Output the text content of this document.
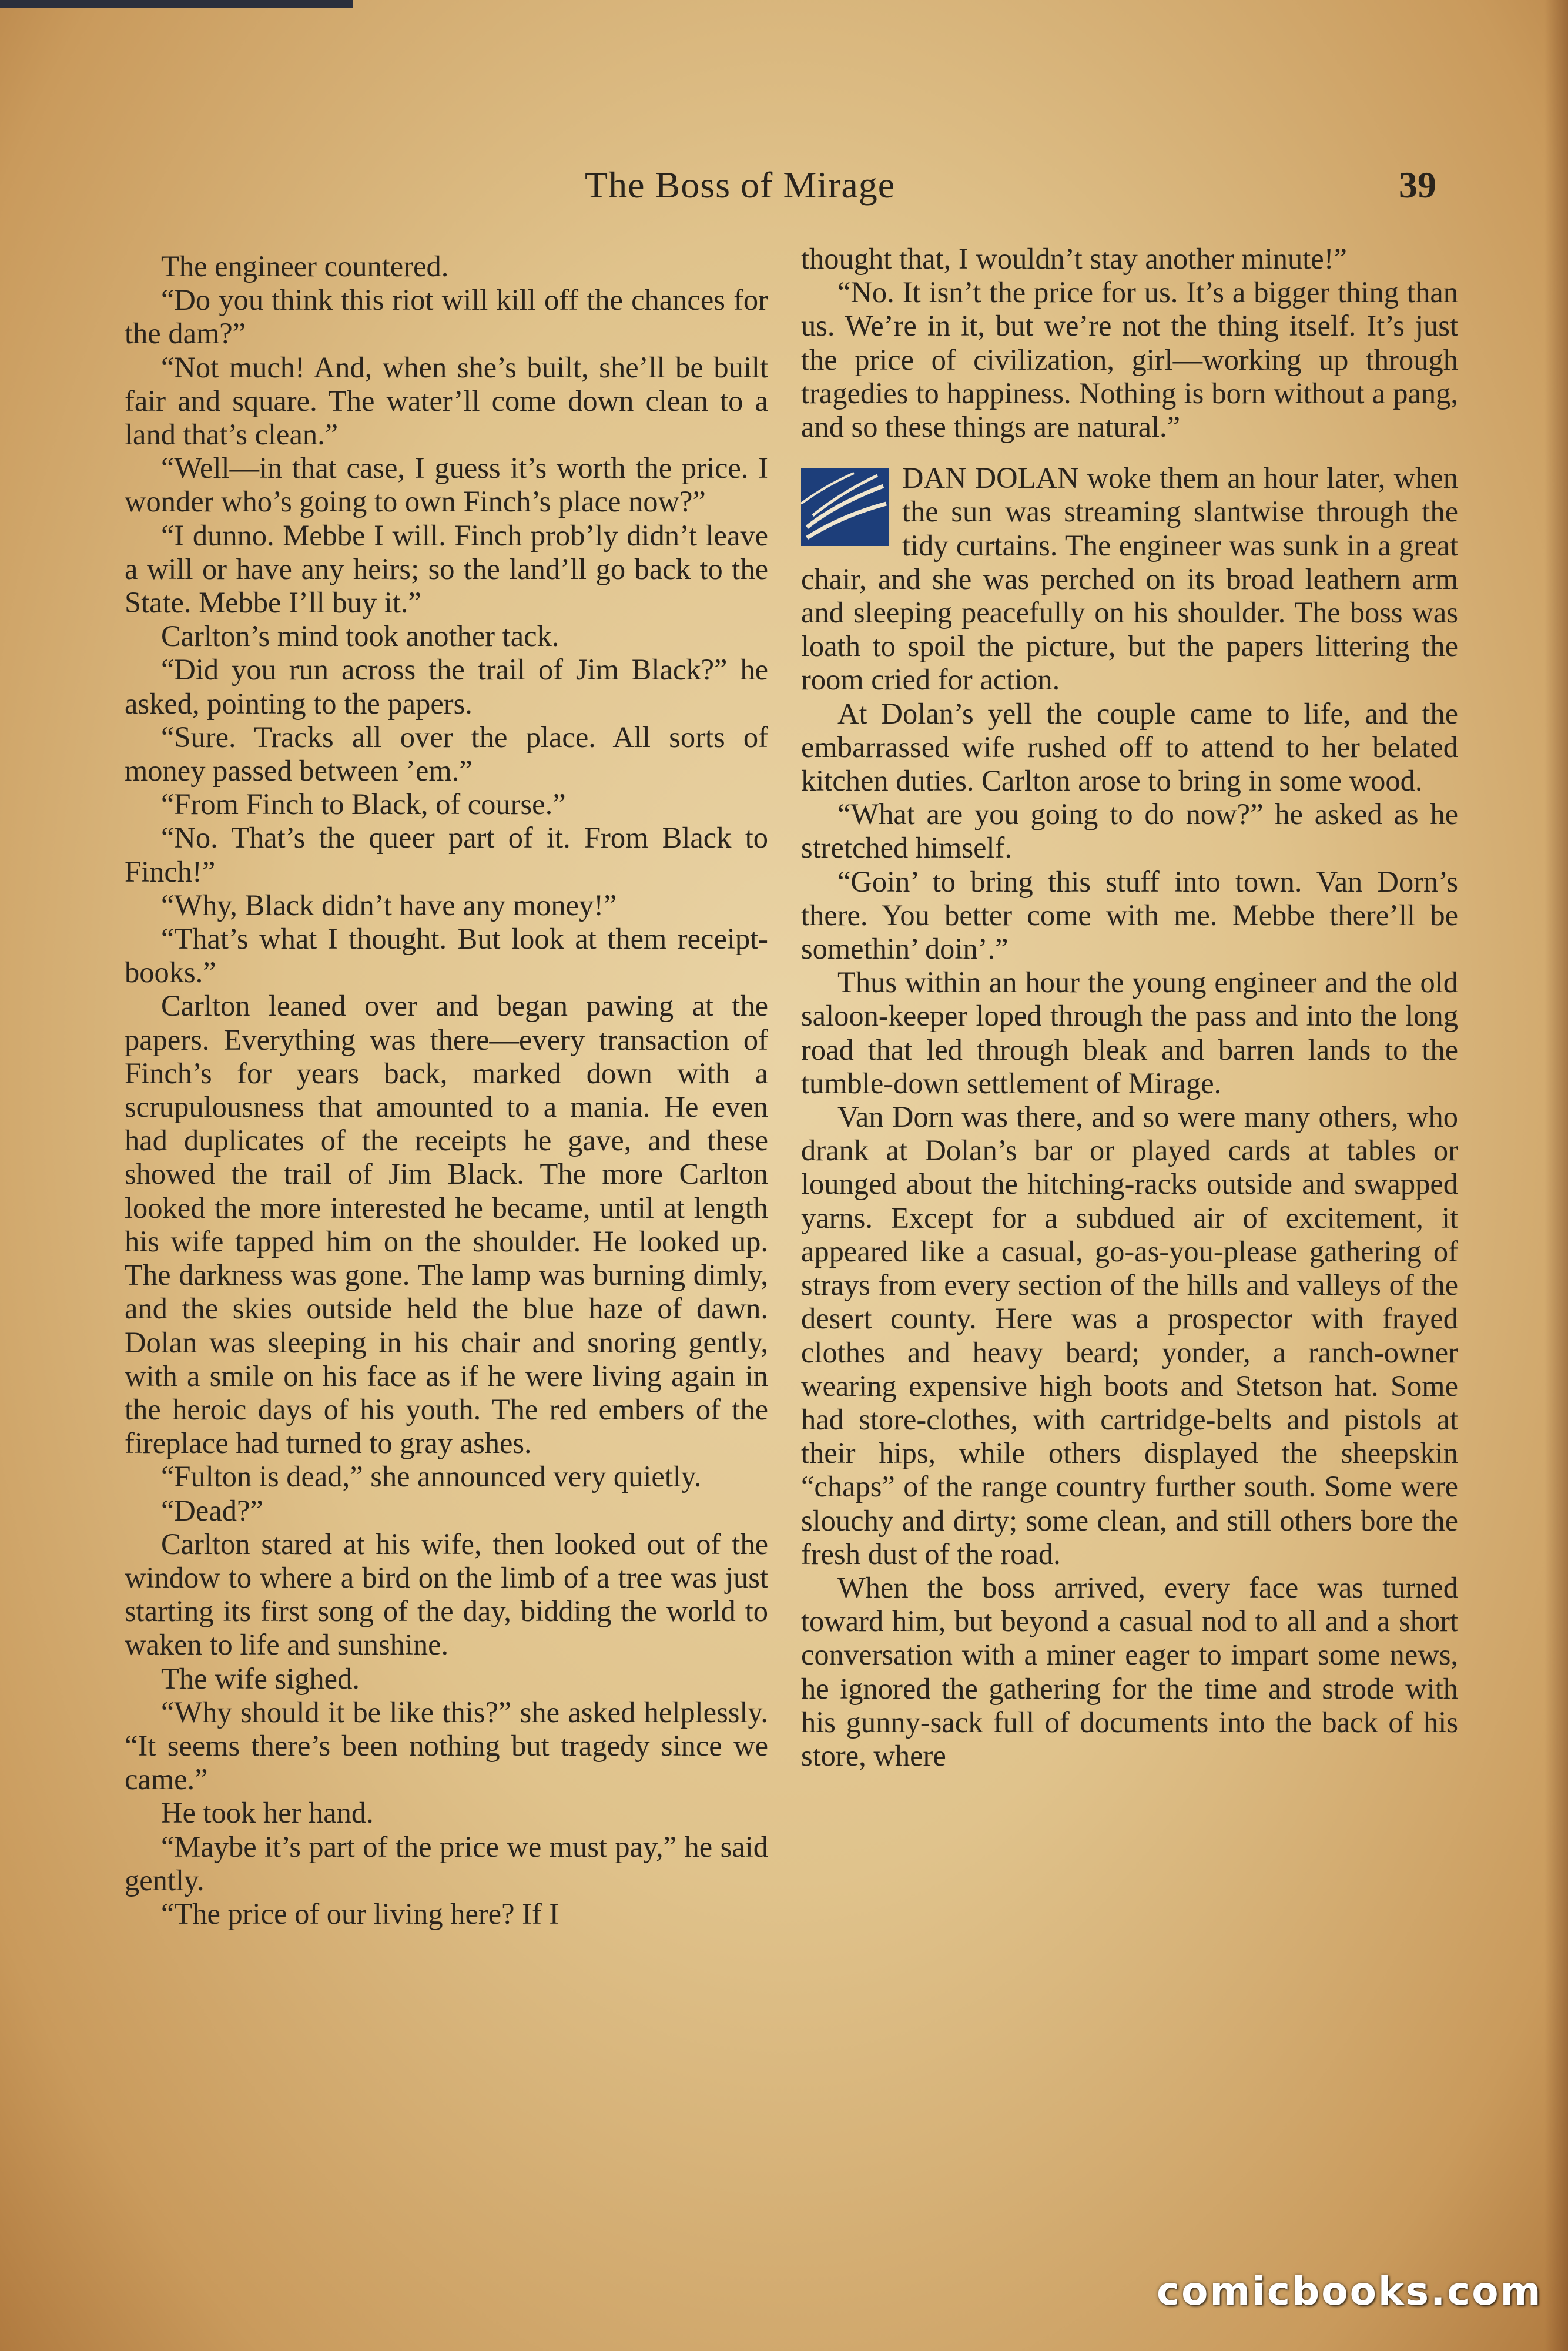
The Boss of Mirage	39

The engineer countered.

“Do you think this riot will kill off the chances for the dam?”

“Not much! And, when she’s built, she’ll be built fair and square. The water’ll come down clean to a land that’s clean.”

“Well—in that case, I guess it’s worth the price. I wonder who’s going to own Finch’s place now?”

“I dunno. Mebbe I will. Finch prob’ly didn’t leave a will or have any heirs; so the land’ll go back to the State. Mebbe I’ll buy it.”

Carlton’s mind took another tack.

“Did you run across the trail of Jim Black?” he asked, pointing to the papers.

“Sure. Tracks all over the place. All sorts of money passed between ’em.”

“From Finch to Black, of course.”

“No. That’s the queer part of it. From Black to Finch!”

“Why, Black didn’t have any money!”

“That’s what I thought. But look at them receipt-books.”

Carlton leaned over and began pawing at the papers. Everything was there—every transaction of Finch’s for years back, marked down with a scrupulousness that amounted to a mania. He even had duplicates of the receipts he gave, and these showed the trail of Jim Black. The more Carlton looked the more interested he became, until at length his wife tapped him on the shoulder. He looked up. The darkness was gone. The lamp was burning dimly, and the skies outside held the blue haze of dawn. Dolan was sleeping in his chair and snoring gently, with a smile on his face as if he were living again in the heroic days of his youth. The red embers of the fireplace had turned to gray ashes.

“Fulton is dead,” she announced very quietly.

“Dead?”

Carlton stared at his wife, then looked out of the window to where a bird on the limb of a tree was just starting its first song of the day, bidding the world to waken to life and sunshine.

The wife sighed.

“Why should it be like this?” she asked helplessly. “It seems there’s been nothing but tragedy since we came.”

He took her hand.

“Maybe it’s part of the price we must pay,” he said gently.

“The price of our living here? If I

thought that, I wouldn’t stay another minute!”

“No. It isn’t the price for us. It’s a bigger thing than us. We’re in it, but we’re not the thing itself. It’s just the price of civilization, girl—working up through tragedies to happiness. Nothing is born without a pang, and so these things are natural.”

DAN DOLAN woke them an hour later, when the sun was streaming slantwise through the tidy curtains. The engineer was sunk in a great chair, and she was perched on its broad leathern arm and sleeping peacefully on his shoulder. The boss was loath to spoil the picture, but the papers littering the room cried for action.

At Dolan’s yell the couple came to life, and the embarrassed wife rushed off to attend to her belated kitchen duties. Carlton arose to bring in some wood.

“What are you going to do now?” he asked as he stretched himself.

“Goin’ to bring this stuff into town. Van Dorn’s there. You better come with me. Mebbe there’ll be somethin’ doin’.”

Thus within an hour the young engineer and the old saloon-keeper loped through the pass and into the long road that led through bleak and barren lands to the tumble-down settlement of Mirage.

Van Dorn was there, and so were many others, who drank at Dolan’s bar or played cards at tables or lounged about the hitching-racks outside and swapped yarns. Except for a subdued air of excitement, it appeared like a casual, go-as-you-please gathering of strays from every section of the hills and valleys of the desert county. Here was a prospector with frayed clothes and heavy beard; yonder, a ranch-owner wearing expensive high boots and Stetson hat. Some had store-clothes, with cartridge-belts and pistols at their hips, while others displayed the sheepskin “chaps” of the range country further south. Some were slouchy and dirty; some clean, and still others bore the fresh dust of the road.

When the boss arrived, every face was turned toward him, but beyond a casual nod to all and a short conversation with a miner eager to impart some news, he ignored the gathering for the time and strode with his gunny-sack full of documents into the back of his store, where

comicbooks.com
